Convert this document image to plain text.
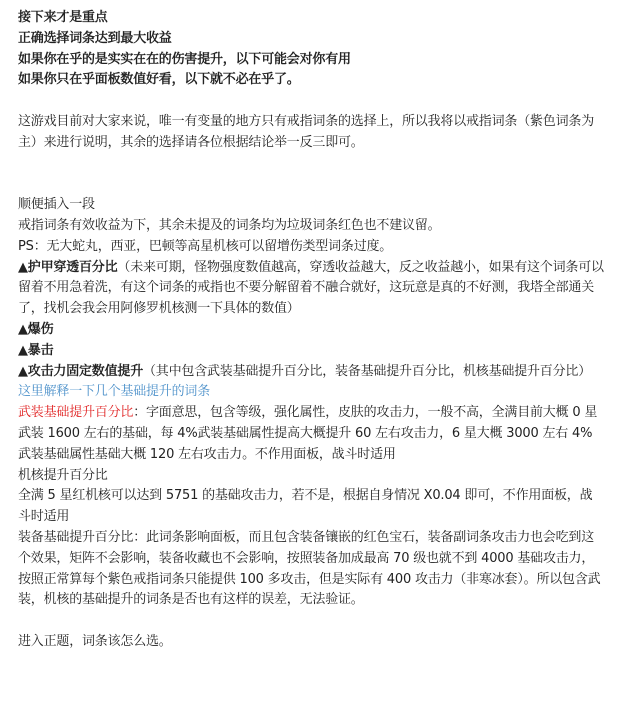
接下来才是重点
正确选择词条达到最大收益
如果你在乎的是实实在在的伤害提升，以下可能会对你有用
如果你只在乎面板数值好看，以下就不必在乎了。
这游戏目前对大家来说，唯一有变量的地方只有戒指词条的选择上，所以我将以戒指词条（紫色词条为主）来进行说明，其余的选择请各位根据结论举一反三即可。
顺便插入一段
戒指词条有效收益为下，其余未提及的词条均为垃圾词条红色也不建议留。
PS：无大蛇丸，西亚，巴顿等高星机核可以留增伤类型词条过度。
▲护甲穿透百分比（未来可期，怪物强度数值越高，穿透收益越大，反之收益越小，如果有这个词条可以留着不用急着洗，有这个词条的戒指也不要分解留着不融合就好，这玩意是真的不好测，我塔全部通关了，找机会我会用阿修罗机核测一下具体的数值）
▲爆伤
▲暴击
▲攻击力固定数值提升（其中包含武装基础提升百分比，装备基础提升百分比，机核基础提升百分比）
这里解释一下几个基础提升的词条
武装基础提升百分比：字面意思，包含等级，强化属性，皮肤的攻击力，一般不高，全满目前大概 0 星武装 1600 左右的基础，每 4%武装基础属性提高大概提升 60 左右攻击力，6 星大概 3000 左右 4%武装基础属性基础大概 120 左右攻击力。不作用面板，战斗时适用
机核提升百分比
全满 5 星红机核可以达到 5751 的基础攻击力，若不是，根据自身情况 X0.04 即可，不作用面板，战斗时适用
装备基础提升百分比：此词条影响面板，而且包含装备镶嵌的红色宝石，装备副词条攻击力也会吃到这个效果，矩阵不会影响，装备收藏也不会影响，按照装备加成最高 70 级也就不到 4000 基础攻击力，按照正常算每个紫色戒指词条只能提供 100 多攻击，但是实际有 400 攻击力（非寒冰套）。所以包含武装，机核的基础提升的词条是否也有这样的误差，无法验证。
进入正题，词条该怎么选。
